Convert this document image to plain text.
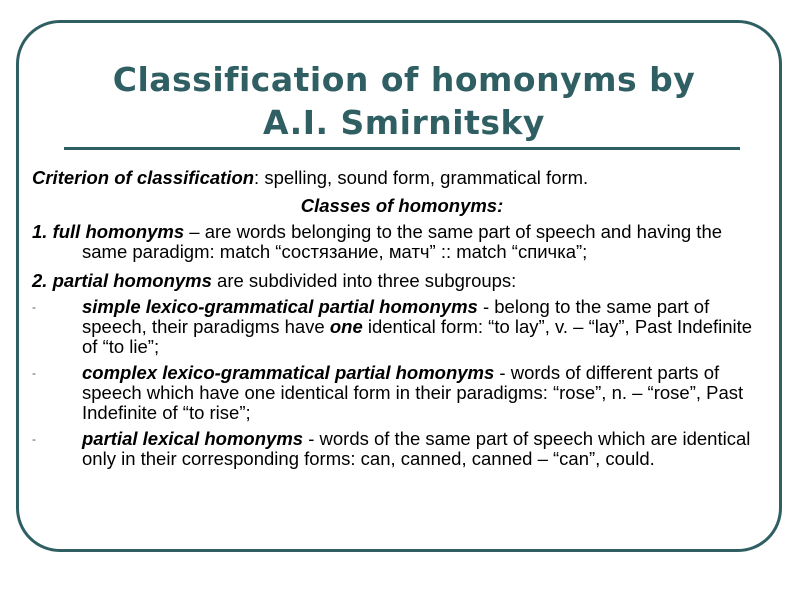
Classification of homonyms by
A.I. Smirnitsky

Criterion of classification: spelling, sound form, grammatical form.

Classes of homonyms:

1. full homonyms – are words belonging to the same part of speech and having the same paradigm: match “состязание, матч” :: match “спичка”;

2. partial homonyms are subdivided into three subgroups:

- simple lexico-grammatical partial homonyms - belong to the same part of speech, their paradigms have one identical form: “to lay”, v. – “lay”, Past Indefinite of “to lie”;

- complex lexico-grammatical partial homonyms - words of different parts of speech which have one identical form in their paradigms: “rose”, n. – “rose”, Past Indefinite of “to rise”;

- partial lexical homonyms - words of the same part of speech which are identical only in their corresponding forms: can, canned, canned – “can”, could.
